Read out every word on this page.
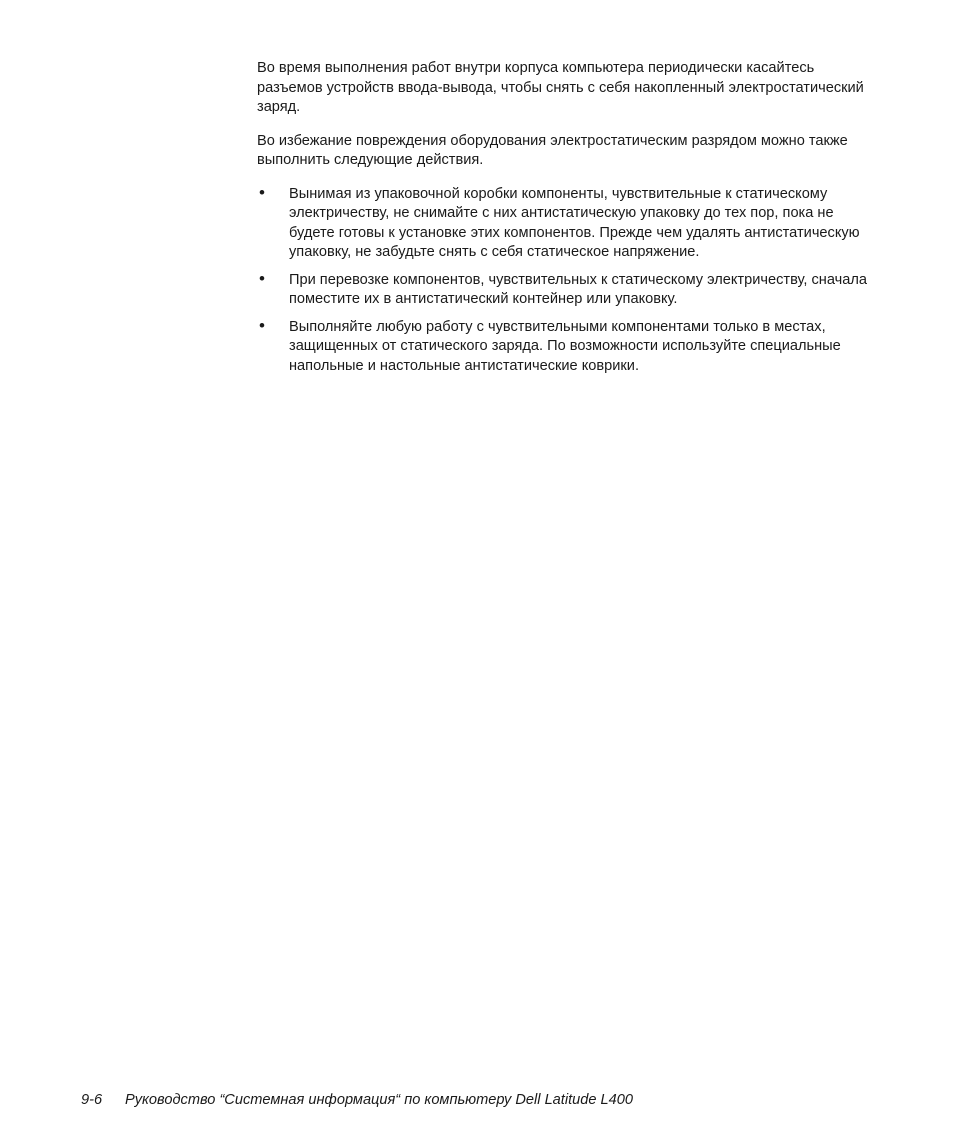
Во время выполнения работ внутри корпуса компьютера периодически касайтесь разъемов устройств ввода-вывода, чтобы снять с себя накопленный электростатический заряд.

Во избежание повреждения оборудования электростатическим разрядом можно также выполнить следующие действия.

• Вынимая из упаковочной коробки компоненты, чувствительные к статическому электричеству, не снимайте с них антистатическую упаковку до тех пор, пока не будете готовы к установке этих компонентов. Прежде чем удалять антистатическую упаковку, не забудьте снять с себя статическое напряжение.
• При перевозке компонентов, чувствительных к статическому электричеству, сначала поместите их в антистатический контейнер или упаковку.
• Выполняйте любую работу с чувствительными компонентами только в местах, защищенных от статического заряда. По возможности используйте специальные напольные и настольные антистатические коврики.
9-6 Руководство “Системная информация“ по компьютеру Dell Latitude L400
